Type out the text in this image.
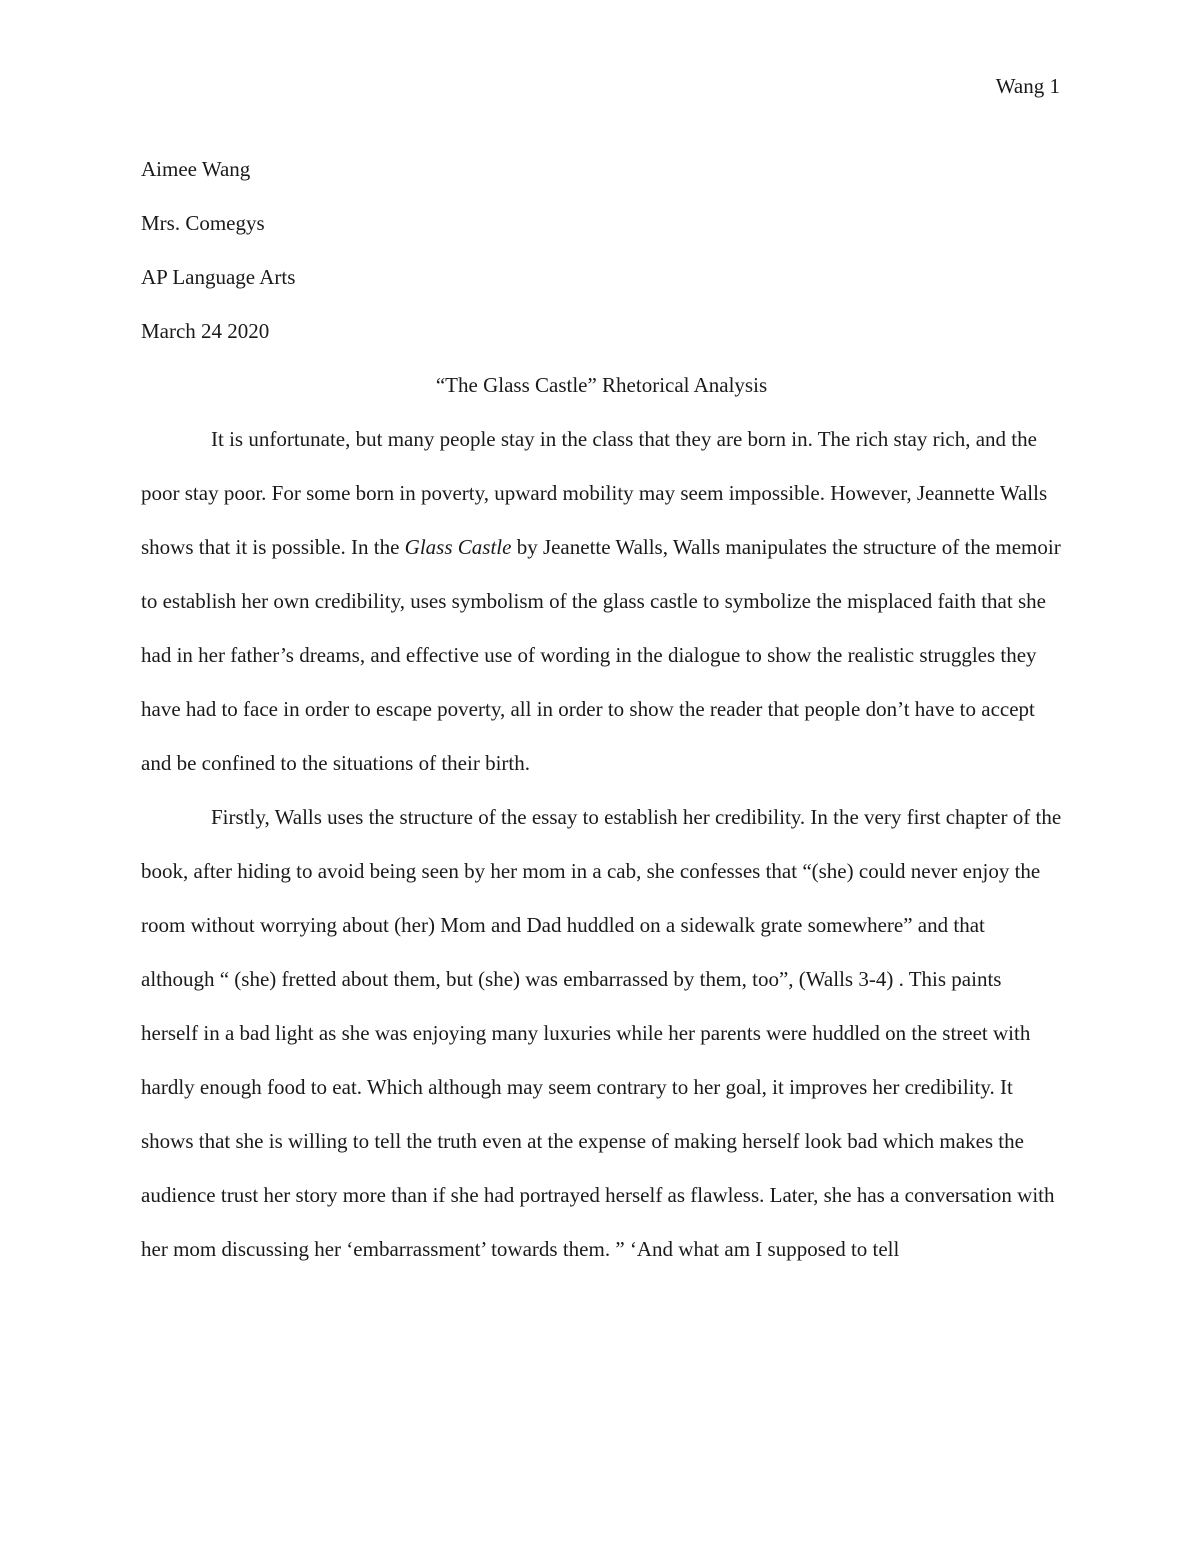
Wang 1

Aimee Wang

Mrs. Comegys

AP Language Arts

March 24 2020

“The Glass Castle” Rhetorical Analysis

It is unfortunate, but many people stay in the class that they are born in. The rich stay rich, and the poor stay poor. For some born in poverty, upward mobility may seem impossible. However, Jeannette Walls shows that it is possible. In the Glass Castle by Jeanette Walls, Walls manipulates the structure of the memoir to establish her own credibility, uses symbolism of the glass castle to symbolize the misplaced faith that she had in her father’s dreams, and effective use of wording in the dialogue to show the realistic struggles they have had to face in order to escape poverty, all in order to show the reader that people don’t have to accept and be confined to the situations of their birth.

Firstly, Walls uses the structure of the essay to establish her credibility. In the very first chapter of the book, after hiding to avoid being seen by her mom in a cab, she confesses that “(she) could never enjoy the room without worrying about (her) Mom and Dad huddled on a sidewalk grate somewhere” and that although “ (she) fretted about them, but (she) was embarrassed by them, too”, (Walls 3-4) . This paints herself in a bad light as she was enjoying many luxuries while her parents were huddled on the street with hardly enough food to eat. Which although may seem contrary to her goal, it improves her credibility. It shows that she is willing to tell the truth even at the expense of making herself look bad which makes the audience trust her story more than if she had portrayed herself as flawless. Later, she has a conversation with her mom discussing her ‘embarrassment’ towards them. ” ‘And what am I supposed to tell
